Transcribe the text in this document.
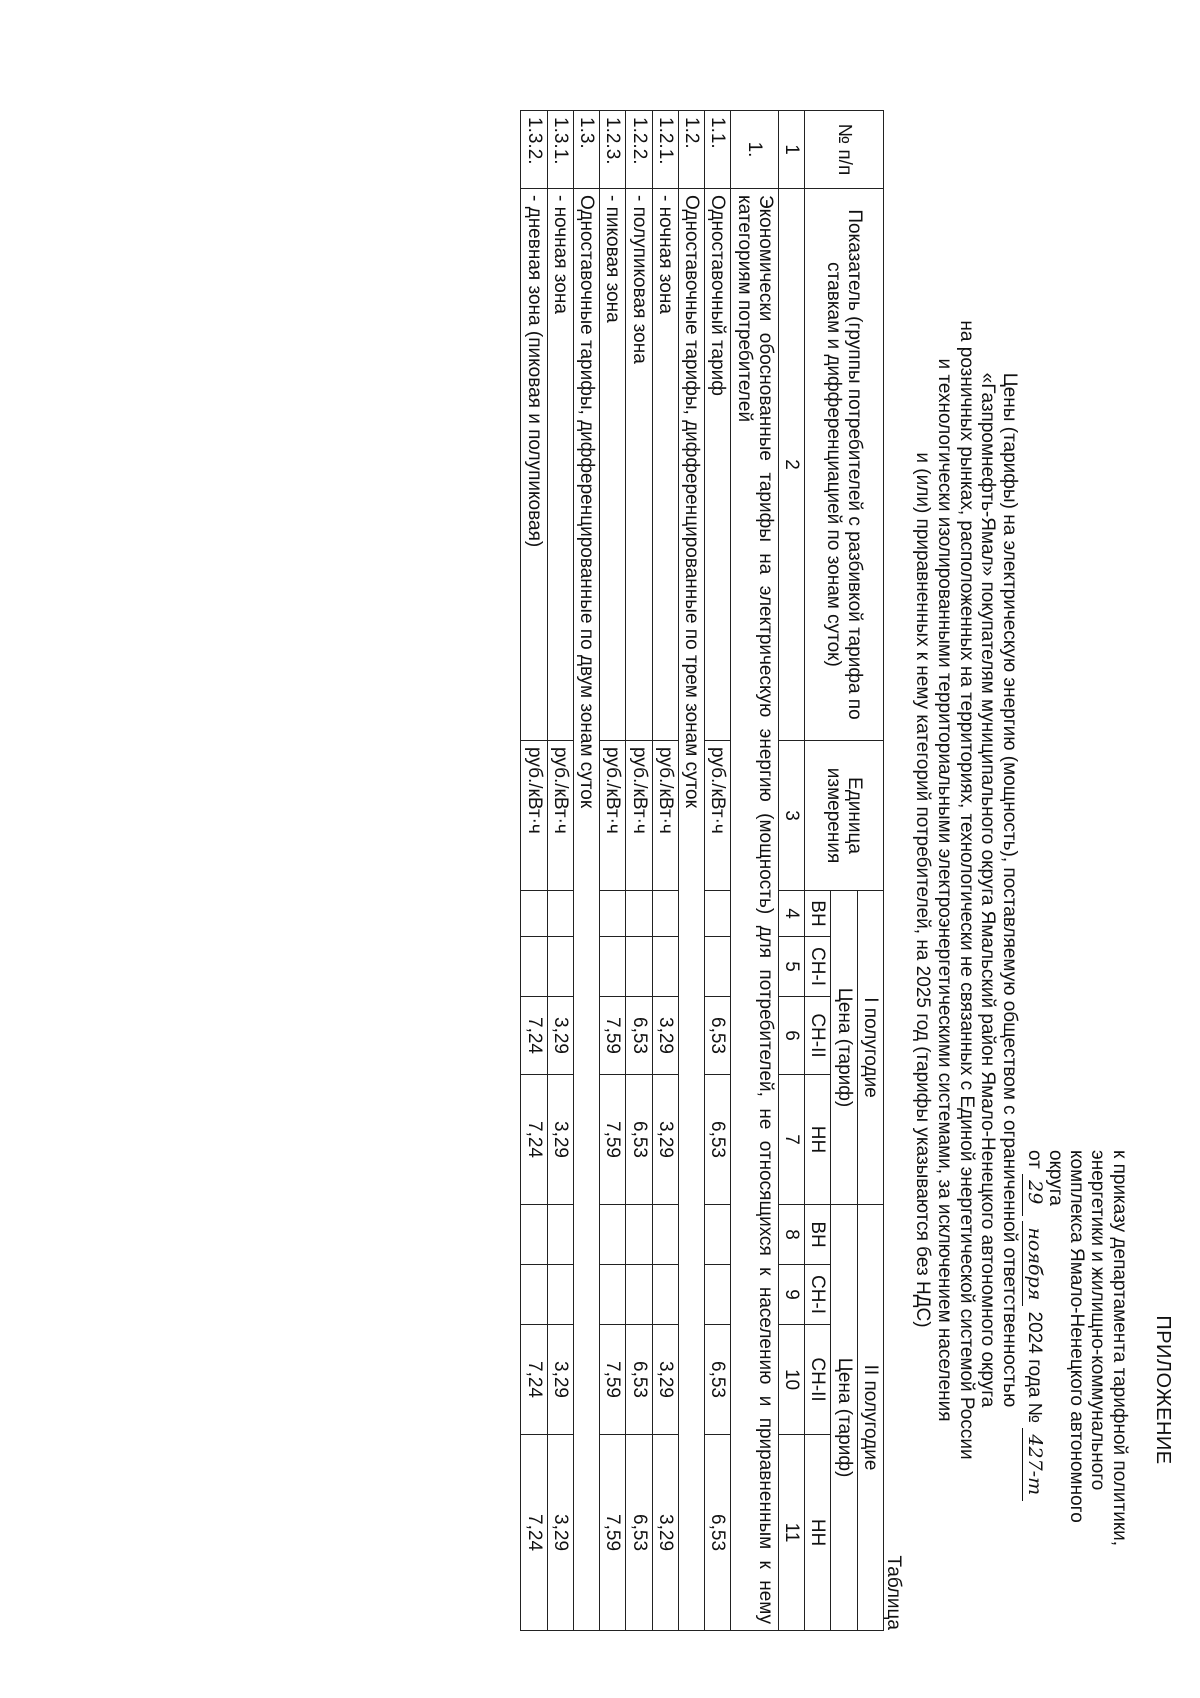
ПРИЛОЖЕНИЕ
к приказу департамента тарифной политики,
энергетики и жилищно-коммунального
комплекса Ямало-Ненецкого автономного
округа
от 29 ноября 2024 года № 427-т
Цены (тарифы) на электрическую энергию (мощность), поставляемую обществом с ограниченной ответственностью
«Газпромнефть-Ямал» покупателям муниципального округа Ямальский район Ямало-Ненецкого автономного округа
на розничных рынках, расположенных на территориях, технологически не связанных с Единой энергетической системой России
и технологически изолированными территориальными электроэнергетическими системами, за исключением населения
и (или) приравненных к нему категорий потребителей, на 2025 год (тарифы указываются без НДС)
Таблица
№ п/п	Показатель (группы потребителей с разбивкой тарифа по ставкам и дифференциацией по зонам суток)	Единица измерения	I полугодие				II полугодие			
			Цена (тариф)				Цена (тариф)			
			ВН	СН-I	СН-II	НН	ВН	СН-I	СН-II	НН
1	2	3	4	5	6	7	8	9	10	11
1.	Экономически обоснованные тарифы на электрическую энергию (мощность) для потребителей, не относящихся к населению и приравненным к нему категориям потребителей									
1.1.	Одноставочный тариф	руб./кВт·ч			6,53	6,53			6,53	6,53
1.2.	Одноставочные тарифы, дифференцированные по трем зонам суток									
1.2.1.	- ночная зона	руб./кВт·ч			3,29	3,29			3,29	3,29
1.2.2.	- полупиковая зона	руб./кВт·ч			6,53	6,53			6,53	6,53
1.2.3.	- пиковая зона	руб./кВт·ч			7,59	7,59			7,59	7,59
1.3.	Одноставочные тарифы, дифференцированные по двум зонам суток									
1.3.1.	- ночная зона	руб./кВт·ч			3,29	3,29			3,29	3,29
1.3.2.	- дневная зона (пиковая и полупиковая)	руб./кВт·ч			7,24	7,24			7,24	7,24
